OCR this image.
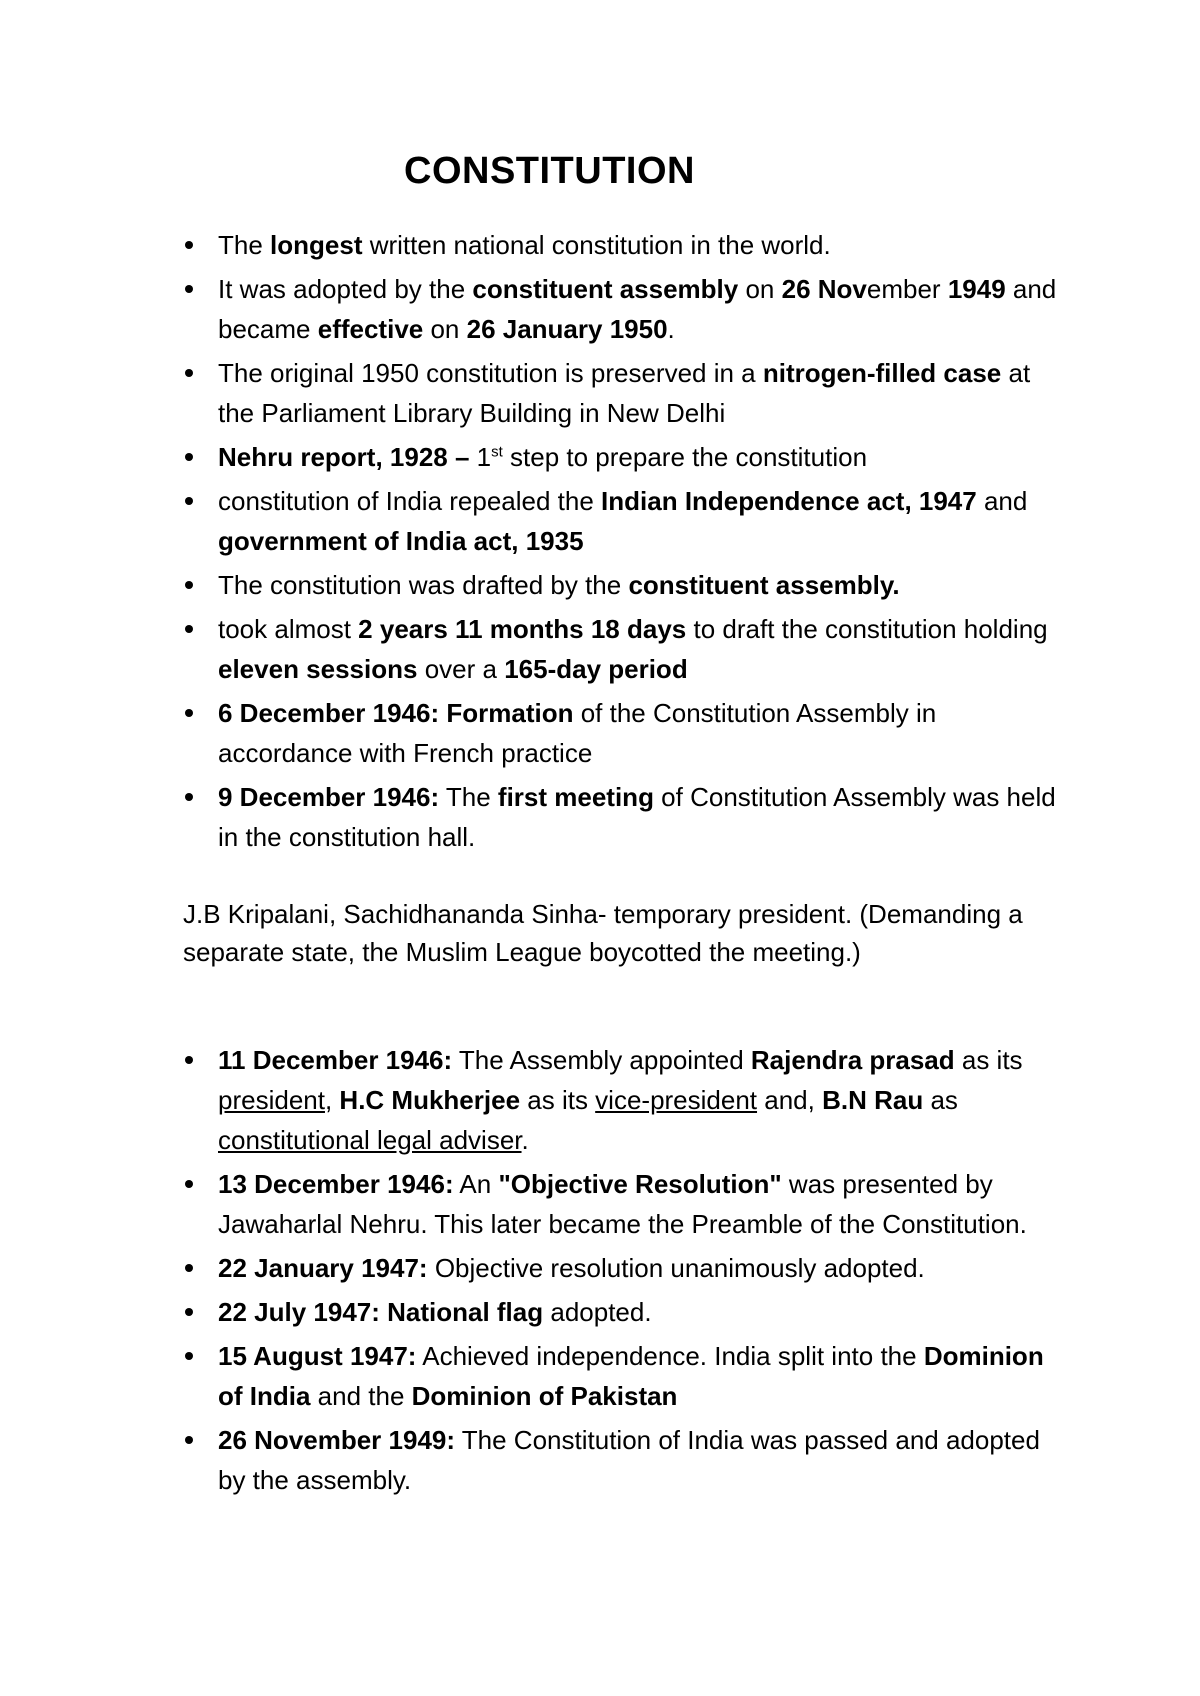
CONSTITUTION
The longest written national constitution in the world.
It was adopted by the constituent assembly on 26 November 1949 and became effective on 26 January 1950.
The original 1950 constitution is preserved in a nitrogen-filled case at the Parliament Library Building in New Delhi
Nehru report, 1928 – 1st step to prepare the constitution
constitution of India repealed the Indian Independence act, 1947 and government of India act, 1935
The constitution was drafted by the constituent assembly.
took almost 2 years 11 months 18 days to draft the constitution holding eleven sessions over a 165-day period
6 December 1946: Formation of the Constitution Assembly in accordance with French practice
9 December 1946: The first meeting of Constitution Assembly was held in the constitution hall.

J.B Kripalani, Sachidhananda Sinha- temporary president. (Demanding a separate state, the Muslim League boycotted the meeting.)

11 December 1946: The Assembly appointed Rajendra prasad as its president, H.C Mukherjee as its vice-president and, B.N Rau as constitutional legal adviser.
13 December 1946: An "Objective Resolution" was presented by Jawaharlal Nehru. This later became the Preamble of the Constitution.
22 January 1947: Objective resolution unanimously adopted.
22 July 1947: National flag adopted.
15 August 1947: Achieved independence. India split into the Dominion of India and the Dominion of Pakistan
26 November 1949: The Constitution of India was passed and adopted by the assembly.
